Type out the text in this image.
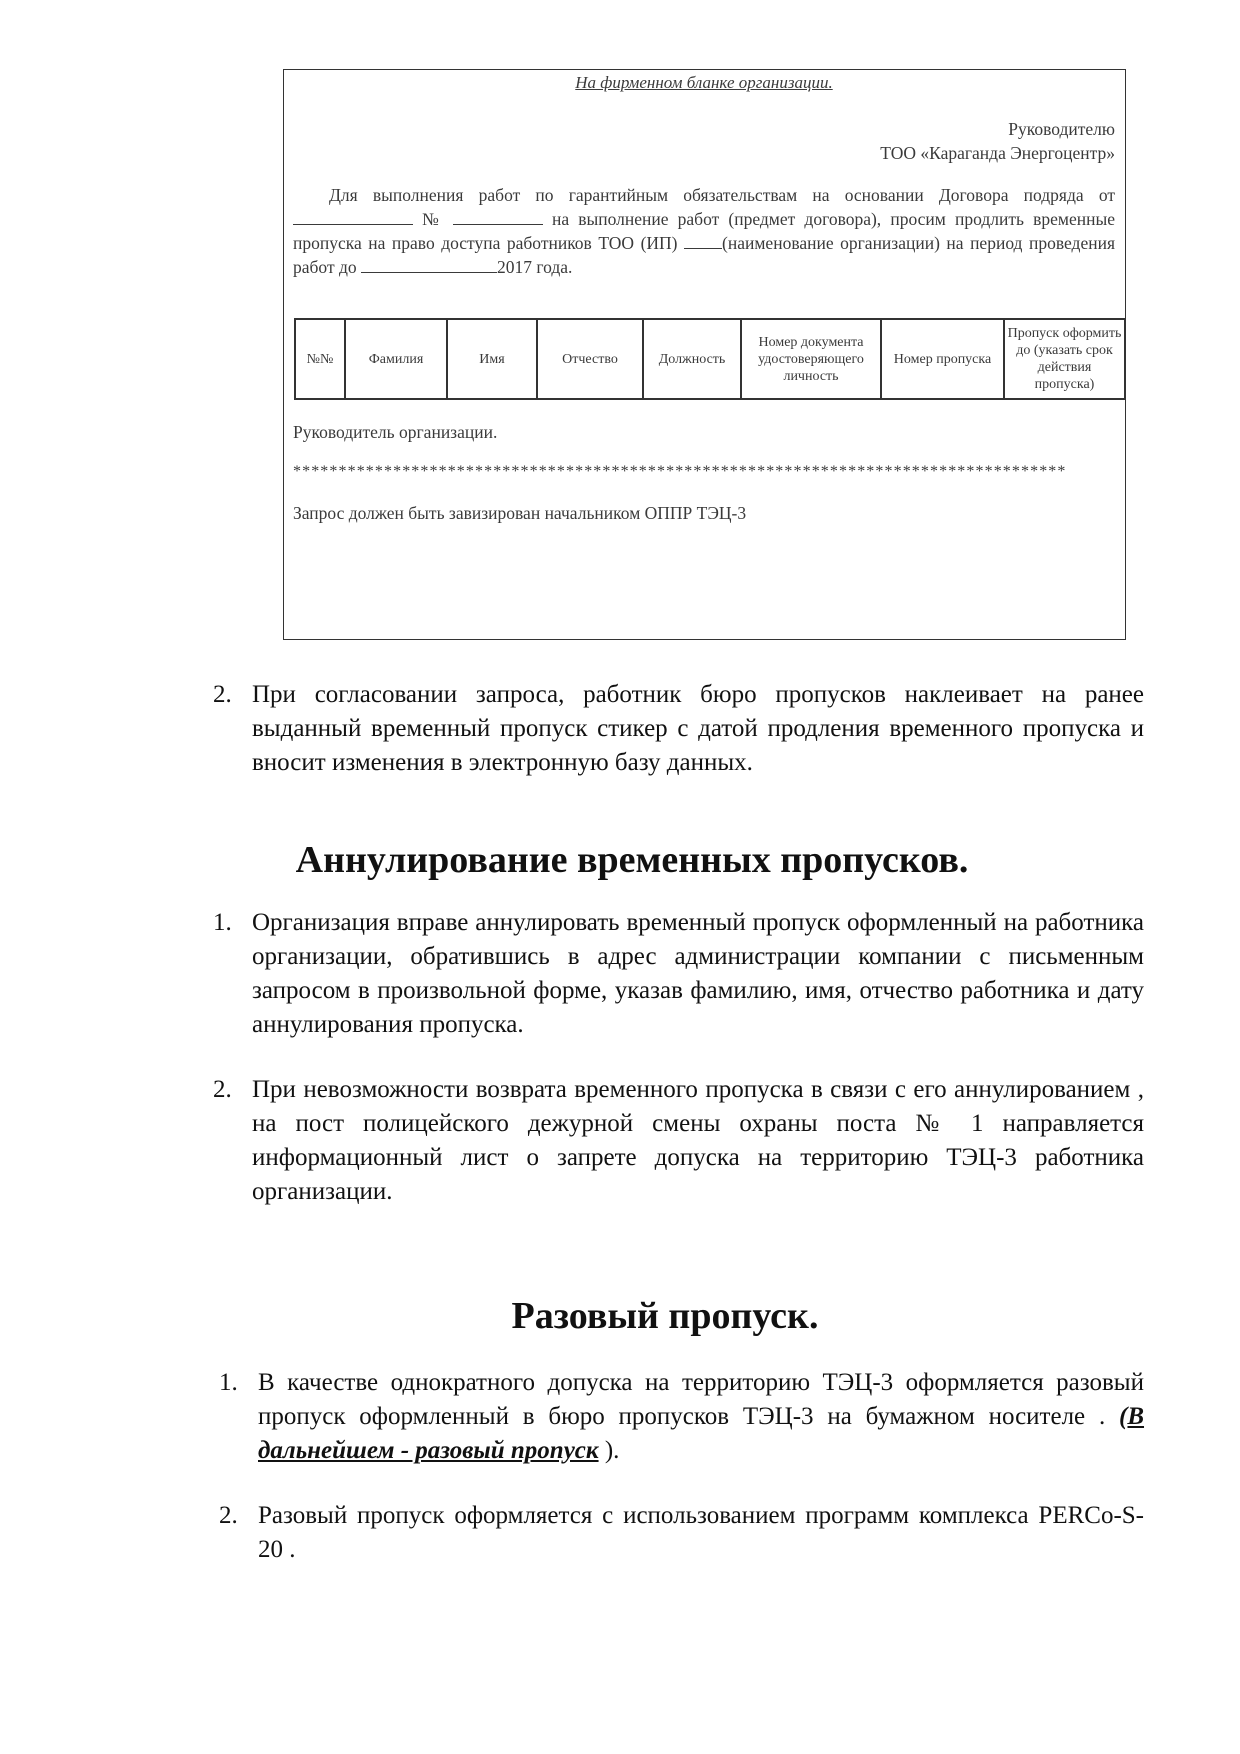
На фирменном бланке организации.
Руководителю
ТОО «Караганда Энергоцентр»
Для выполнения работ по гарантийным обязательствам на основании Договора подряда от  №	на выполнение работ (предмет договора), просим продлить временные пропуска на право доступа работников ТОО (ИП)	(наименование организации) на период проведения работ до	2017 года.
№№	Фамилия	Имя	Отчество	Должность	Номер документа удостоверяющего личность	Номер пропуска	Пропуск оформить до (указать срок действия пропуска)
Руководитель организации.
*************************************************************************************
Запрос должен быть завизирован начальником ОППР ТЭЦ-3
2. При согласовании запроса, работник бюро пропусков наклеивает на ранее выданный временный пропуск стикер с датой продления временного пропуска и вносит изменения в электронную базу данных.
Аннулирование временных пропусков.
1. Организация вправе аннулировать временный пропуск оформленный на работника организации, обратившись в адрес администрации компании с письменным запросом в произвольной форме, указав фамилию, имя, отчество работника и дату аннулирования пропуска.
2. При невозможности возврата временного пропуска в связи с его аннулированием , на пост полицейского дежурной смены охраны поста № 1 направляется информационный лист о запрете допуска на территорию ТЭЦ-3 работника организации.
Разовый пропуск.
1. В качестве однократного допуска на территорию ТЭЦ-3 оформляется разовый пропуск оформленный в бюро пропусков ТЭЦ-3 на бумажном носителе . (В дальнейшем - разовый пропуск ).
2. Разовый пропуск оформляется с использованием программ комплекса PERCo-S-20 .
